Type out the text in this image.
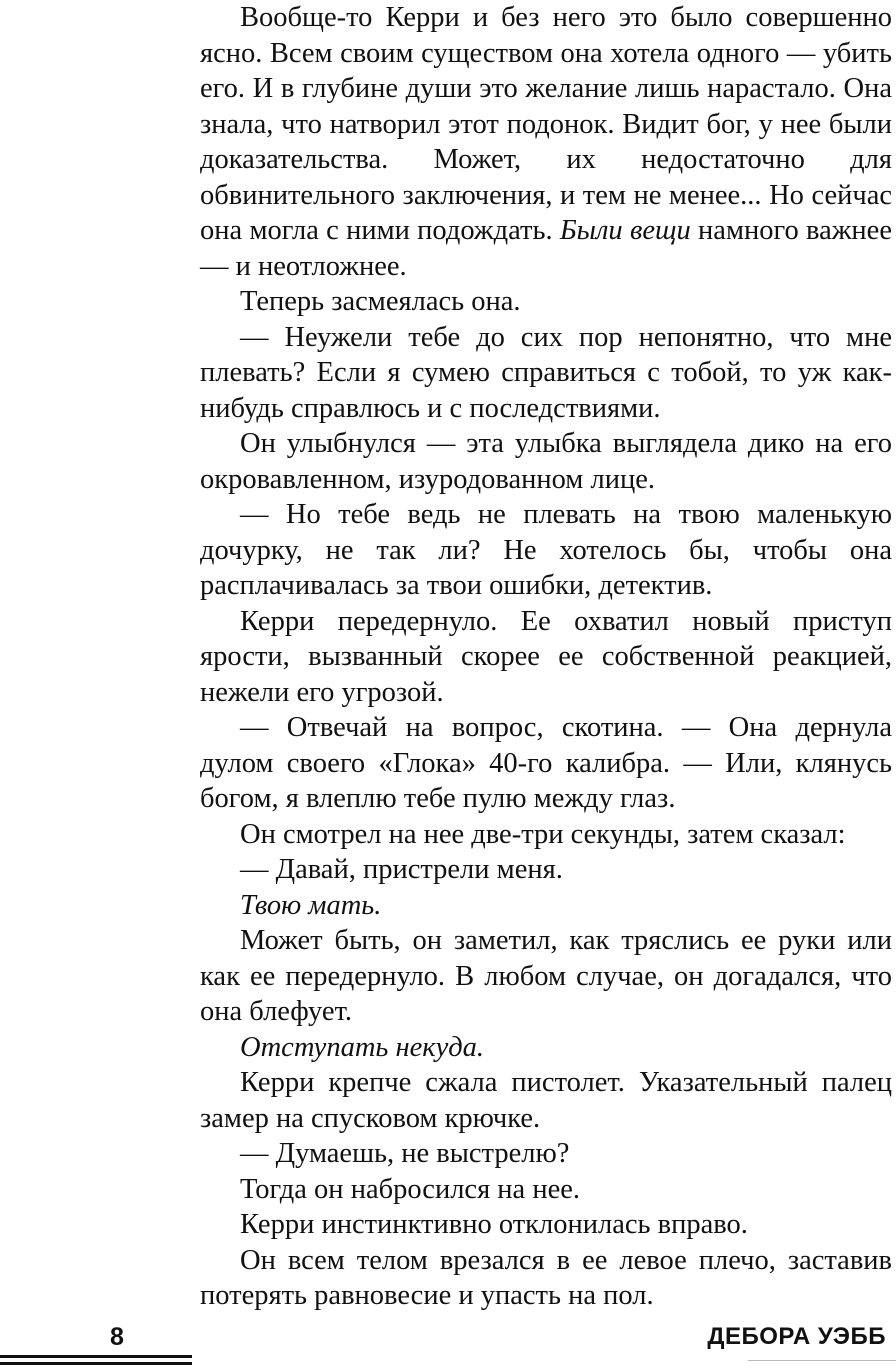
Вообще-то Керри и без него это было совершенно ясно. Всем своим существом она хотела одного — убить его. И в глубине души это желание лишь нарастало. Она знала, что натворил этот подонок. Видит бог, у нее были доказательства. Может, их недостаточно для обвинительного заключения, и тем не менее... Но сейчас она могла с ними подождать. Были вещи намного важнее — и неотложнее.

Теперь засмеялась она.

— Неужели тебе до сих пор непонятно, что мне плевать? Если я сумею справиться с тобой, то уж как-нибудь справлюсь и с последствиями.

Он улыбнулся — эта улыбка выглядела дико на его окровавленном, изуродованном лице.

— Но тебе ведь не плевать на твою маленькую дочурку, не так ли? Не хотелось бы, чтобы она расплачивалась за твои ошибки, детектив.

Керри передернуло. Ее охватил новый приступ ярости, вызванный скорее ее собственной реакцией, нежели его угрозой.

— Отвечай на вопрос, скотина. — Она дернула дулом своего «Глока» 40-го калибра. — Или, клянусь богом, я влеплю тебе пулю между глаз.

Он смотрел на нее две-три секунды, затем сказал:

— Давай, пристрели меня.

Твою мать.

Может быть, он заметил, как тряслись ее руки или как ее передернуло. В любом случае, он догадался, что она блефует.

Отступать некуда.

Керри крепче сжала пистолет. Указательный палец замер на спусковом крючке.

— Думаешь, не выстрелю?

Тогда он набросился на нее.

Керри инстинктивно отклонилась вправо.

Он всем телом врезался в ее левое плечо, заставив потерять равновесие и упасть на пол.

8	ДЕБОРА УЭББ
